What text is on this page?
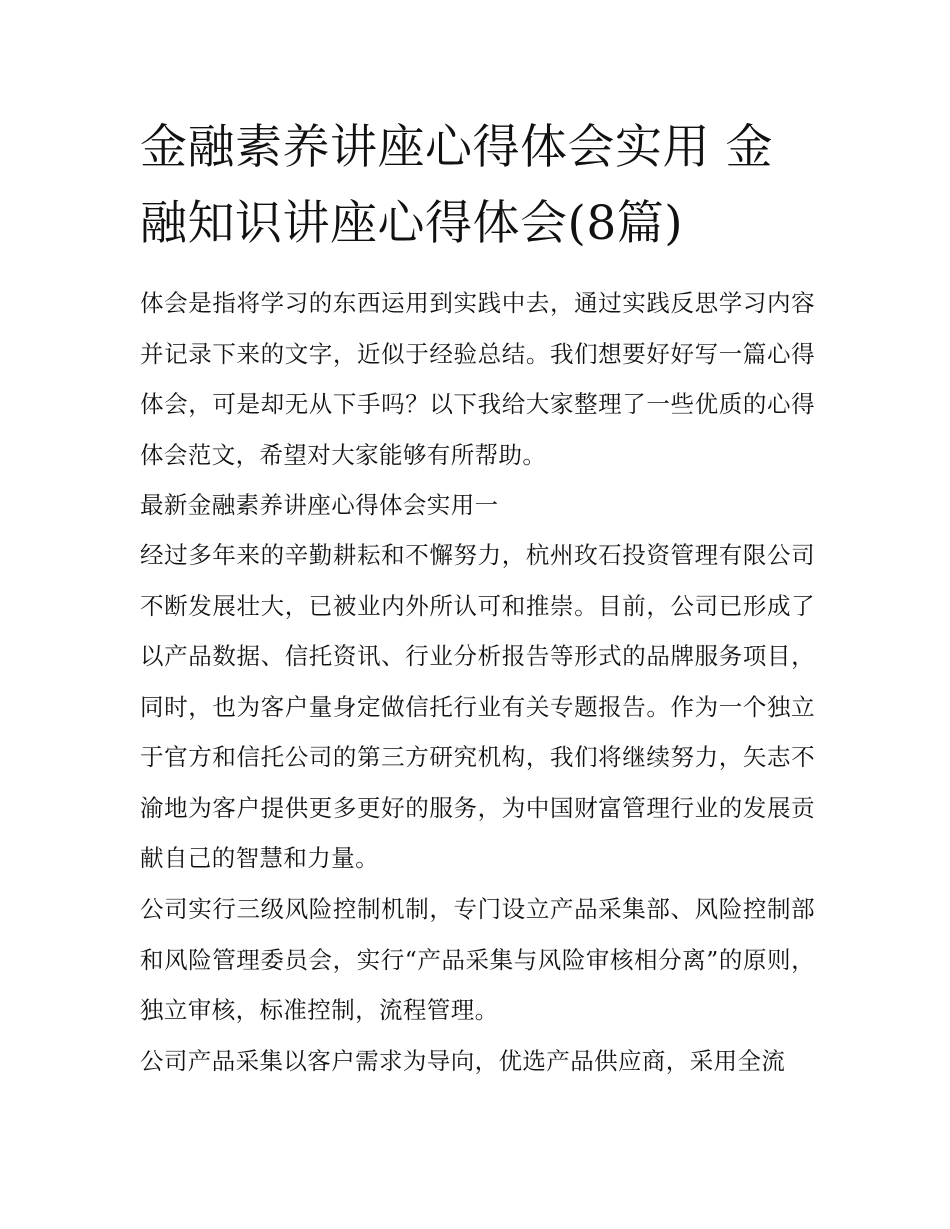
金融素养讲座心得体会实用 金融知识讲座心得体会(8篇)

体会是指将学习的东西运用到实践中去，通过实践反思学习内容并记录下来的文字，近似于经验总结。我们想要好好写一篇心得体会，可是却无从下手吗？以下我给大家整理了一些优质的心得体会范文，希望对大家能够有所帮助。

最新金融素养讲座心得体会实用一

经过多年来的辛勤耕耘和不懈努力，杭州玫石投资管理有限公司不断发展壮大，已被业内外所认可和推崇。目前，公司已形成了以产品数据、信托资讯、行业分析报告等形式的品牌服务项目，同时，也为客户量身定做信托行业有关专题报告。作为一个独立于官方和信托公司的第三方研究机构，我们将继续努力，矢志不渝地为客户提供更多更好的服务，为中国财富管理行业的发展贡献自己的智慧和力量。

公司实行三级风险控制机制，专门设立产品采集部、风险控制部和风险管理委员会，实行“产品采集与风险审核相分离”的原则，独立审核，标准控制，流程管理。

公司产品采集以客户需求为导向，优选产品供应商，采用全流
